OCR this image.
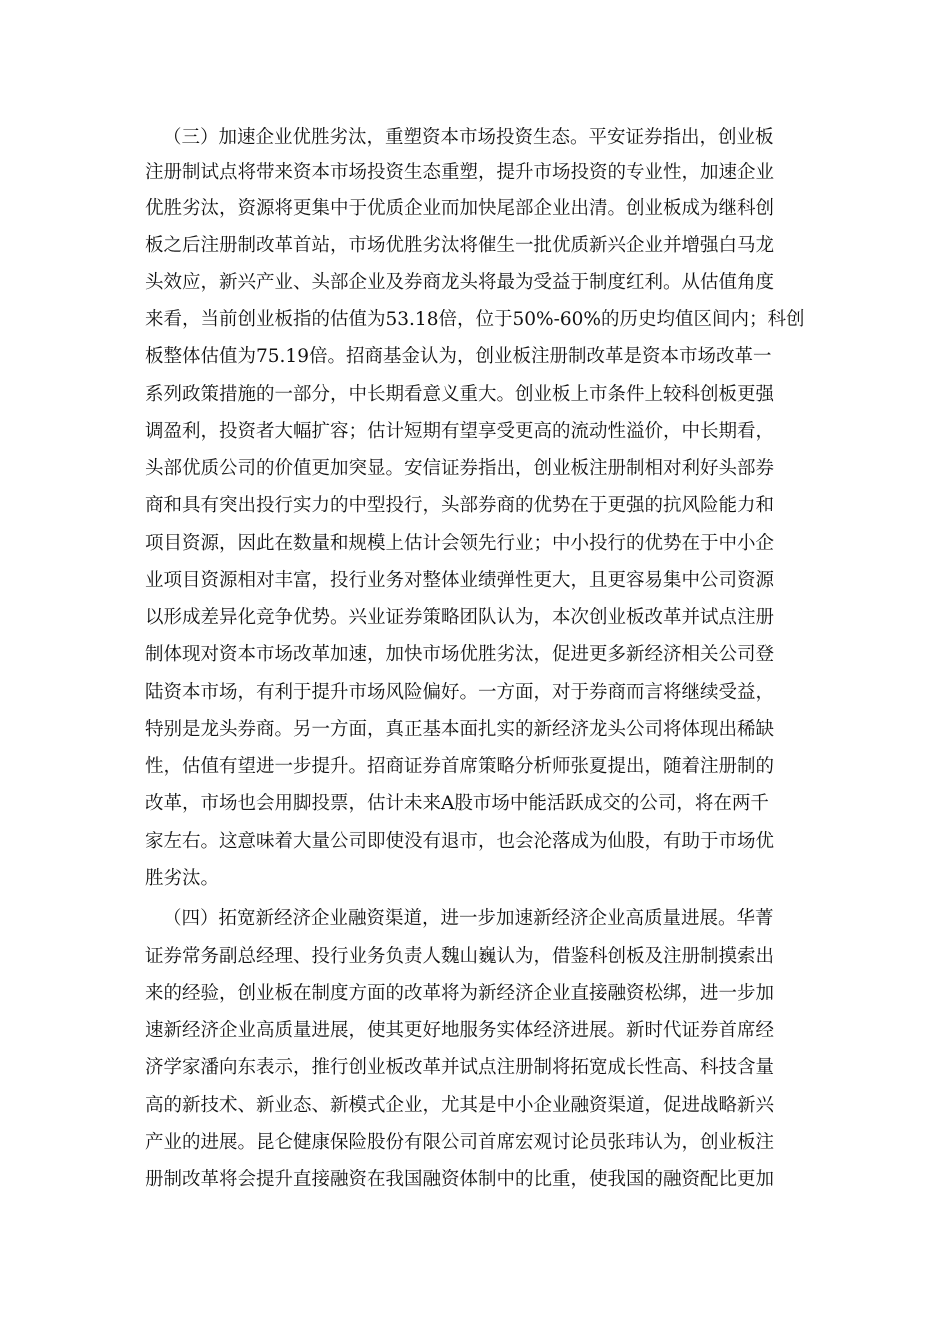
（三）加速企业优胜劣汰，重塑资本市场投资生态。平安证券指出，创业板
注册制试点将带来资本市场投资生态重塑，提升市场投资的专业性，加速企业
优胜劣汰，资源将更集中于优质企业而加快尾部企业出清。创业板成为继科创
板之后注册制改革首站，市场优胜劣汰将催生一批优质新兴企业并增强白马龙
头效应，新兴产业、头部企业及券商龙头将最为受益于制度红利。从估值角度
来看，当前创业板指的估值为53.18倍，位于50%-60%的历史均值区间内；科创
板整体估值为75.19倍。招商基金认为，创业板注册制改革是资本市场改革一
系列政策措施的一部分，中长期看意义重大。创业板上市条件上较科创板更强
调盈利，投资者大幅扩容；估计短期有望享受更高的流动性溢价，中长期看，
头部优质公司的价值更加突显。安信证券指出，创业板注册制相对利好头部券
商和具有突出投行实力的中型投行，头部券商的优势在于更强的抗风险能力和
项目资源，因此在数量和规模上估计会领先行业；中小投行的优势在于中小企
业项目资源相对丰富，投行业务对整体业绩弹性更大，且更容易集中公司资源
以形成差异化竞争优势。兴业证券策略团队认为，本次创业板改革并试点注册
制体现对资本市场改革加速，加快市场优胜劣汰，促进更多新经济相关公司登
陆资本市场，有利于提升市场风险偏好。一方面，对于券商而言将继续受益，
特别是龙头券商。另一方面，真正基本面扎实的新经济龙头公司将体现出稀缺
性，估值有望进一步提升。招商证券首席策略分析师张夏提出，随着注册制的
改革，市场也会用脚投票，估计未来A股市场中能活跃成交的公司，将在两千
家左右。这意味着大量公司即使没有退市，也会沦落成为仙股，有助于市场优
胜劣汰。
（四）拓宽新经济企业融资渠道，进一步加速新经济企业高质量进展。华菁
证券常务副总经理、投行业务负责人魏山巍认为，借鉴科创板及注册制摸索出
来的经验，创业板在制度方面的改革将为新经济企业直接融资松绑，进一步加
速新经济企业高质量进展，使其更好地服务实体经济进展。新时代证券首席经
济学家潘向东表示，推行创业板改革并试点注册制将拓宽成长性高、科技含量
高的新技术、新业态、新模式企业，尤其是中小企业融资渠道，促进战略新兴
产业的进展。昆仑健康保险股份有限公司首席宏观讨论员张玮认为，创业板注
册制改革将会提升直接融资在我国融资体制中的比重，使我国的融资配比更加
